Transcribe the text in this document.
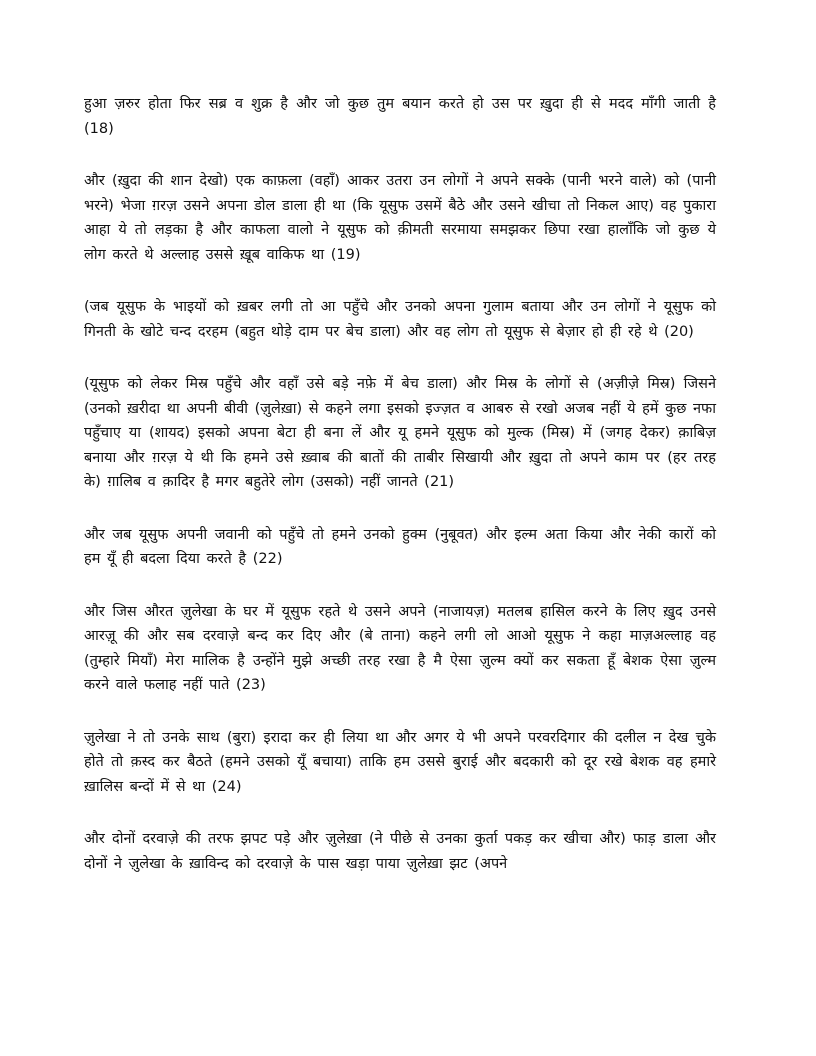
हुआ ज़रुर होता फिर सब्र व शुक्र है और जो कुछ तुम बयान करते हो उस पर ख़ुदा ही से मदद माँगी जाती है (18)

और (ख़ुदा की शान देखो) एक काफ़ला (वहाँ) आकर उतरा उन लोगों ने अपने सक्के (पानी भरने वाले) को (पानी भरने) भेजा ग़रज़ उसने अपना डोल डाला ही था (कि यूसुफ उसमें बैठे और उसने खीचा तो निकल आए) वह पुकारा आहा ये तो लड़का है और काफला वालो ने यूसुफ को क़ीमती सरमाया समझकर छिपा रखा हालाँकि जो कुछ ये लोग करते थे अल्लाह उससे ख़ूब वाकिफ था (19)

(जब यूसुफ के भाइयों को ख़बर लगी तो आ पहुँचे और उनको अपना गुलाम बताया और उन लोगों ने यूसुफ को गिनती के खोटे चन्द दरहम (बहुत थोड़े दाम पर बेच डाला) और वह लोग तो यूसुफ से बेज़ार हो ही रहे थे (20)

(यूसुफ को लेकर मिस्र पहुँचे और वहाँ उसे बड़े नफ़े में बेच डाला) और मिस्र के लोगों से (अज़ीज़े मिस्र) जिसने (उनको ख़रीदा था अपनी बीवी (ज़ुलेख़ा) से कहने लगा इसको इज्ज़त व आबरु से रखो अजब नहीं ये हमें कुछ नफा पहुँचाए या (शायद) इसको अपना बेटा ही बना लें और यू हमने यूसुफ को मुल्क (मिस्र) में (जगह देकर) क़ाबिज़ बनाया और ग़रज़ ये थी कि हमने उसे ख़्वाब की बातों की ताबीर सिखायी और ख़ुदा तो अपने काम पर (हर तरह के) ग़ालिब व क़ादिर है मगर बहुतेरे लोग (उसको) नहीं जानते (21)

और जब यूसुफ अपनी जवानी को पहुँचे तो हमने उनको हुक्म (नुबूवत) और इल्म अता किया और नेकी कारों को हम यूँ ही बदला दिया करते है (22)

और जिस औरत ज़ुलेखा के घर में यूसुफ रहते थे उसने अपने (नाजायज़) मतलब हासिल करने के लिए ख़ुद उनसे आरज़ू की और सब दरवाज़े बन्द कर दिए और (बे ताना) कहने लगी लो आओ यूसुफ ने कहा माज़अल्लाह वह (तुम्हारे मियाँ) मेरा मालिक है उन्होंने मुझे अच्छी तरह रखा है मै ऐसा ज़ुल्म क्यों कर सकता हूँ बेशक ऐसा ज़ुल्म करने वाले फलाह नहीं पाते (23)

ज़ुलेखा ने तो उनके साथ (बुरा) इरादा कर ही लिया था और अगर ये भी अपने परवरदिगार की दलील न देख चुके होते तो क़स्द कर बैठते (हमने उसको यूँ बचाया) ताकि हम उससे बुराई और बदकारी को दूर रखे बेशक वह हमारे ख़ालिस बन्दों में से था (24)

और दोनों दरवाज़े की तरफ झपट पड़े और ज़ुलेख़ा (ने पीछे से उनका कुर्ता पकड़ कर खीचा और) फाड़ डाला और दोनों ने ज़ुलेखा के ख़ाविन्द को दरवाज़े के पास खड़ा पाया ज़ुलेख़ा झट (अपने
